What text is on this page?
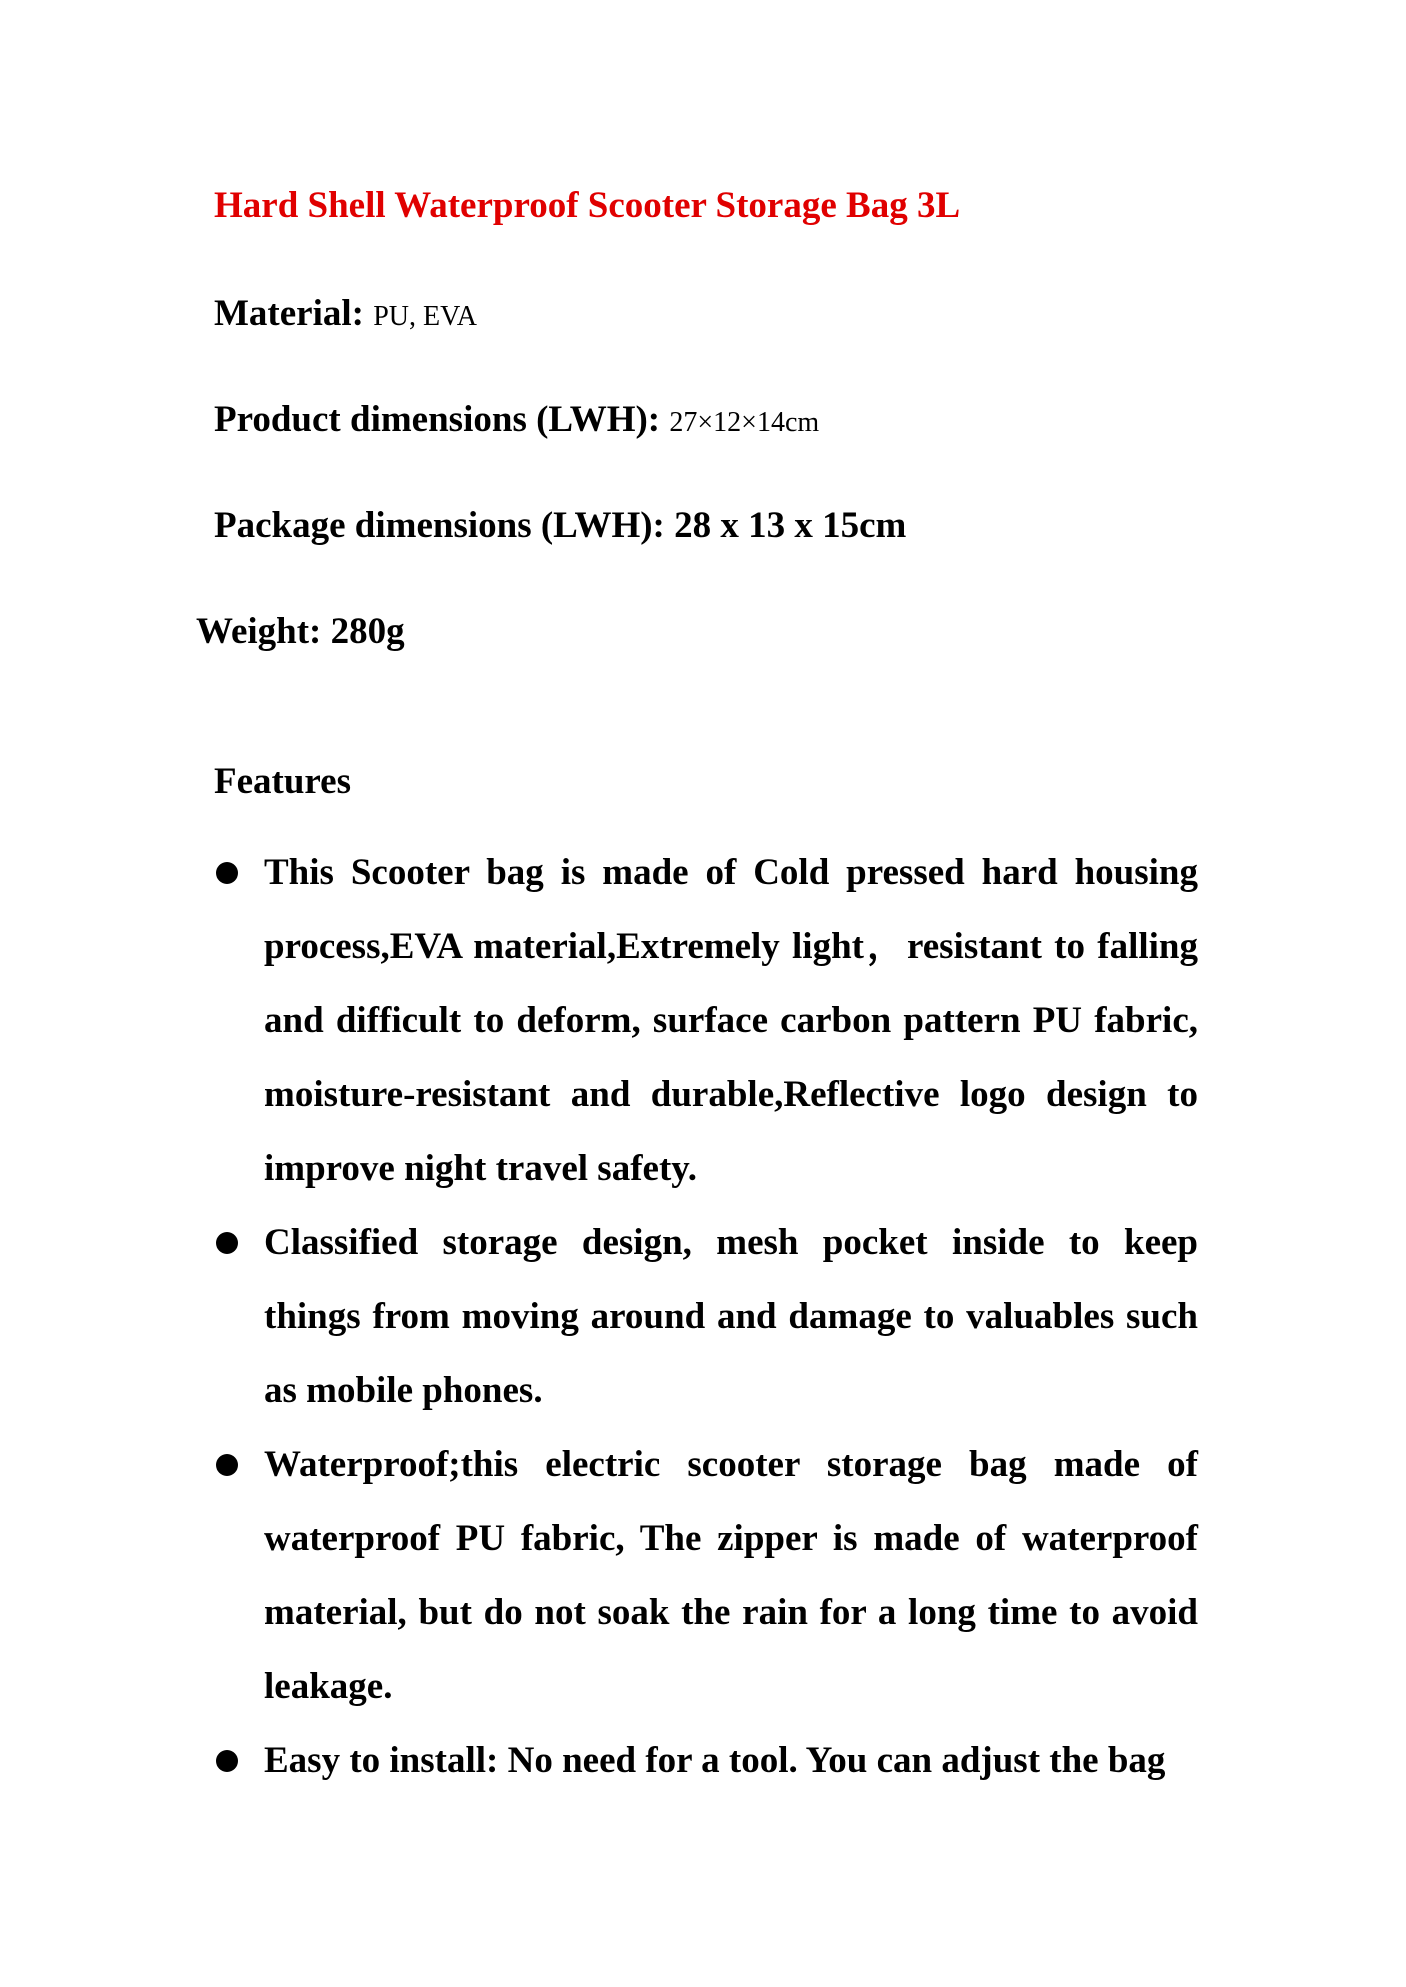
Hard Shell Waterproof Scooter Storage Bag 3L
Material: PU, EVA
Product dimensions (LWH): 27×12×14cm
Package dimensions (LWH): 28 x 13 x 15cm
Weight: 280g
Features
This Scooter bag is made of Cold pressed hard housing process,EVA material,Extremely light，resistant to falling and difficult to deform, surface carbon pattern PU fabric, moisture-resistant and durable,Reflective logo design to improve night travel safety.
Classified storage design, mesh pocket inside to keep things from moving around and damage to valuables such as mobile phones.
Waterproof;this electric scooter storage bag made of waterproof PU fabric, The zipper is made of waterproof material, but do not soak the rain for a long time to avoid leakage.
Easy to install: No need for a tool. You can adjust the bag
